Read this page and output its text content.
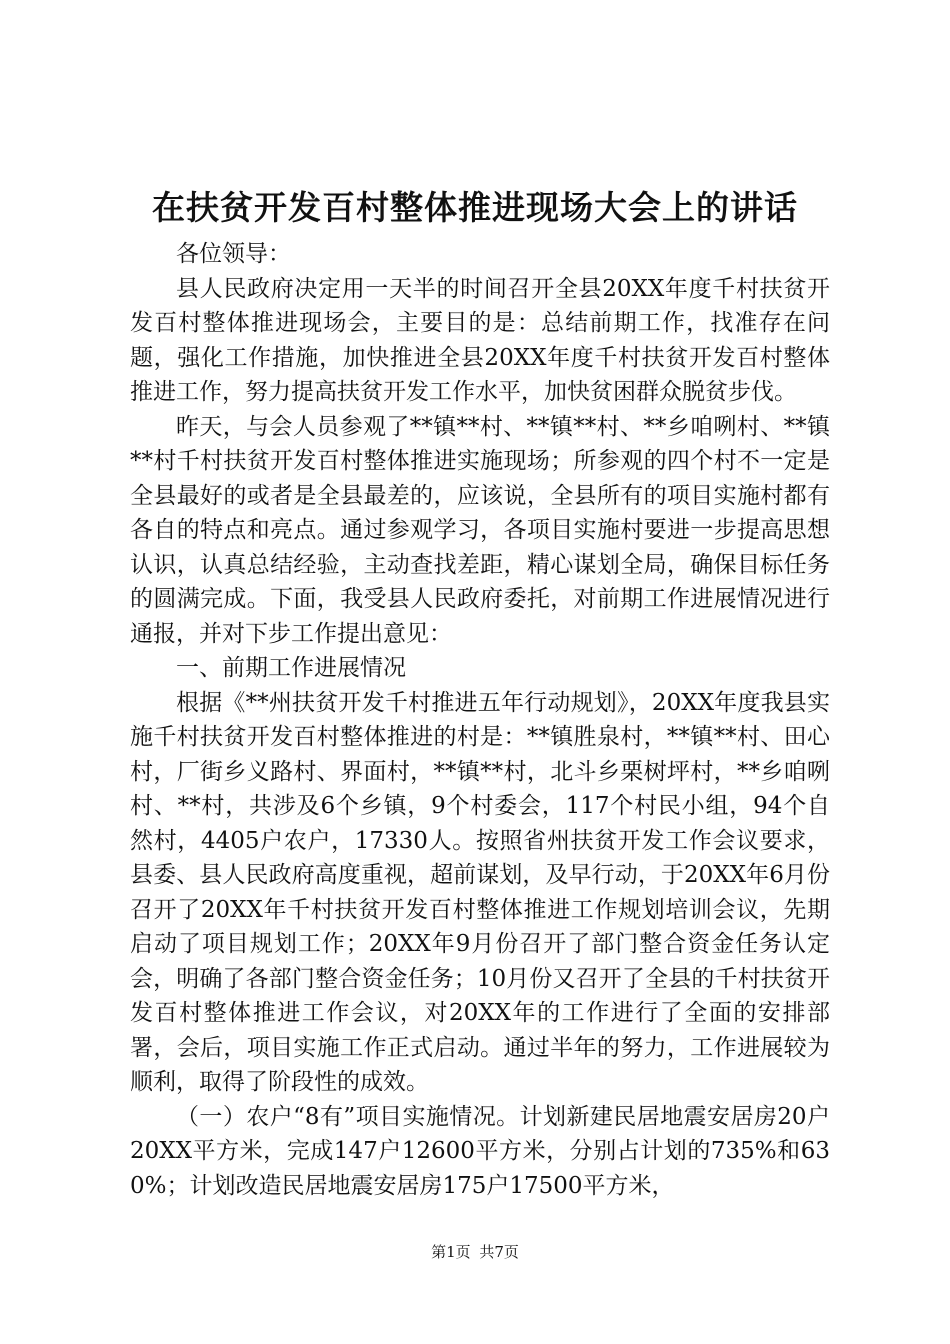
在扶贫开发百村整体推进现场大会上的讲话

各位领导：

县人民政府决定用一天半的时间召开全县20XX年度千村扶贫开发百村整体推进现场会，主要目的是：总结前期工作，找准存在问题，强化工作措施，加快推进全县20XX年度千村扶贫开发百村整体推进工作，努力提高扶贫开发工作水平，加快贫困群众脱贫步伐。

昨天，与会人员参观了**镇**村、**镇**村、**乡咱咧村、**镇**村千村扶贫开发百村整体推进实施现场；所参观的四个村不一定是全县最好的或者是全县最差的，应该说，全县所有的项目实施村都有各自的特点和亮点。通过参观学习，各项目实施村要进一步提高思想认识，认真总结经验，主动查找差距，精心谋划全局，确保目标任务的圆满完成。下面，我受县人民政府委托，对前期工作进展情况进行通报，并对下步工作提出意见：

一、前期工作进展情况

根据《**州扶贫开发千村推进五年行动规划》，20XX年度我县实施千村扶贫开发百村整体推进的村是：**镇胜泉村，**镇**村、田心村，厂街乡义路村、界面村，**镇**村，北斗乡栗树坪村，**乡咱咧村、**村，共涉及6个乡镇，9个村委会，117个村民小组，94个自然村，4405户农户，17330人。按照省州扶贫开发工作会议要求，县委、县人民政府高度重视，超前谋划，及早行动，于20XX年6月份召开了20XX年千村扶贫开发百村整体推进工作规划培训会议，先期启动了项目规划工作；20XX年9月份召开了部门整合资金任务认定会，明确了各部门整合资金任务；10月份又召开了全县的千村扶贫开发百村整体推进工作会议，对20XX年的工作进行了全面的安排部署，会后，项目实施工作正式启动。通过半年的努力，工作进展较为顺利，取得了阶段性的成效。

（一）农户“8有”项目实施情况。计划新建民居地震安居房20户20XX平方米，完成147户12600平方米，分别占计划的735%和630%；计划改造民居地震安居房175户17500平方米，

第1页 共7页
